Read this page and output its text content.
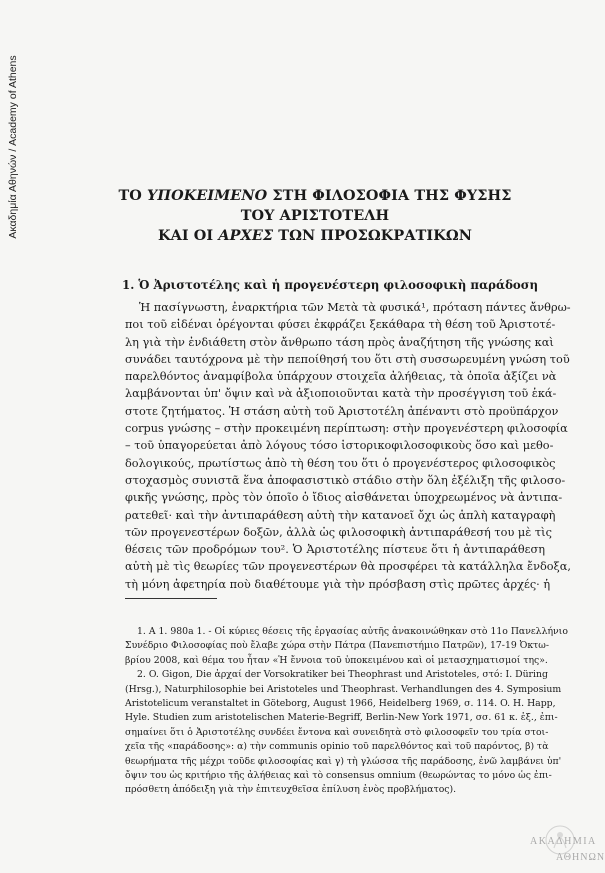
Ακαδημία Αθηνών / Academy of Athens	ΤΟ ΥΠΟΚΕΙΜΕΝΟ ΣΤΗ ΦΙΛΟΣΟΦΙΑ ΤΗΣ ΦΥΣΗΣ
ΤΟΥ ΑΡΙΣΤΟΤΕΛΗ
ΚΑΙ ΟΙ ΑΡΧΕΣ ΤΩΝ ΠΡΟΣΩΚΡΑΤΙΚΩΝ
1. Ὁ Ἀριστοτέλης καὶ ἡ προγενέστερη φιλοσοφικὴ παράδοση
Ἡ πασίγνωστη, ἐναρκτήρια τῶν Μετὰ τὰ φυσικά¹, πρόταση πάντες ἄνθρω-
ποι τοῦ εἰδέναι ὀρέγονται φύσει ἐκφράζει ξεκάθαρα τὴ θέση τοῦ Ἀριστοτέ-
λη γιὰ τὴν ἐνδιάθετη στὸν ἄνθρωπο τάση πρὸς ἀναζήτηση τῆς γνώσης καὶ
συνάδει ταυτόχρονα μὲ τὴν πεποίθησή του ὅτι στὴ συσσωρευμένη γνώση τοῦ
παρελθόντος ἀναμφίβολα ὑπάρχουν στοιχεῖα ἀλήθειας, τὰ ὁποῖα ἀξίζει νὰ
λαμβάνονται ὑπ' ὄψιν καὶ νὰ ἀξιοποιοῦνται κατὰ τὴν προσέγγιση τοῦ ἑκά-
στοτε ζητήματος. Ἡ στάση αὐτὴ τοῦ Ἀριστοτέλη ἀπέναντι στὸ προϋπάρχον
corpus γνώσης – στὴν προκειμένη περίπτωση: στὴν προγενέστερη φιλοσοφία
– τοῦ ὑπαγορεύεται ἀπὸ λόγους τόσο ἱστορικοφιλοσοφικοὺς ὅσο καὶ μεθο-
δολογικούς, πρωτίστως ἀπὸ τὴ θέση του ὅτι ὁ προγενέστερος φιλοσοφικὸς
στοχασμὸς συνιστᾶ ἕνα ἀποφασιστικὸ στάδιο στὴν ὅλη ἐξέλιξη τῆς φιλοσο-
φικῆς γνώσης, πρὸς τὸν ὁποῖο ὁ ἴδιος αἰσθάνεται ὑποχρεωμένος νὰ ἀντιπα-
ρατεθεῖ· καὶ τὴν ἀντιπαράθεση αὐτὴ τὴν κατανοεῖ ὄχι ὡς ἁπλὴ καταγραφὴ
τῶν προγενεστέρων δοξῶν, ἀλλὰ ὡς φιλοσοφικὴ ἀντιπαράθεσή του μὲ τὶς
θέσεις τῶν προδρόμων του². Ὁ Ἀριστοτέλης πίστευε ὅτι ἡ ἀντιπαράθεση
αὐτὴ μὲ τὶς θεωρίες τῶν προγενεστέρων θὰ προσφέρει τὰ κατάλληλα ἔνδοξα,
τὴ μόνη ἀφετηρία ποὺ διαθέτουμε γιὰ τὴν πρόσβαση στὶς πρῶτες ἀρχές· ἡ
1. A 1. 980a 1. - Οἱ κύριες θέσεις τῆς ἐργασίας αὐτῆς ἀνακοινώθηκαν στὸ 11ο Πανελλήνιο
Συνέδριο Φιλοσοφίας ποὺ ἔλαβε χώρα στὴν Πάτρα (Πανεπιστήμιο Πατρῶν), 17-19 Ὀκτω-
βρίου 2008, καὶ θέμα του ἦταν «Ἡ ἔννοια τοῦ ὑποκειμένου καὶ οἱ μετασχηματισμοί της».
2. O. Gigon, Die ἀρχαί der Vorsokratiker bei Theophrast und Aristoteles, στό: I. Düring
(Hrsg.), Naturphilosophie bei Aristoteles und Theophrast. Verhandlungen des 4. Symposium
Aristotelicum veranstaltet in Göteborg, August 1966, Heidelberg 1969, σ. 114. O. H. Happ,
Hyle. Studien zum aristotelischen Materie-Begriff, Berlin-New York 1971, σσ. 61 κ. ἑξ., ἐπι-
σημαίνει ὅτι ὁ Ἀριστοτέλης συνδέει ἔντονα καὶ συνειδητὰ στὸ φιλοσοφεῖν του τρία στοι-
χεῖα τῆς «παράδοσης»: α) τὴν communis opinio τοῦ παρελθόντος καὶ τοῦ παρόντος, β) τὰ
θεωρήματα τῆς μέχρι τοῦδε φιλοσοφίας καὶ γ) τὴ γλώσσα τῆς παράδοσης, ἐνῶ λαμβάνει ὑπ'
ὄψιν του ὡς κριτήριο τῆς ἀλήθειας καὶ τὸ consensus omnium (θεωρώντας το μόνο ὡς ἐπι-
πρόσθετη ἀπόδειξη γιὰ τὴν ἐπιτευχθεῖσα ἐπίλυση ἑνὸς προβλήματος).
ΑΚΑΔΗΜΙΑ
ΑΘΗΝΩΝ
